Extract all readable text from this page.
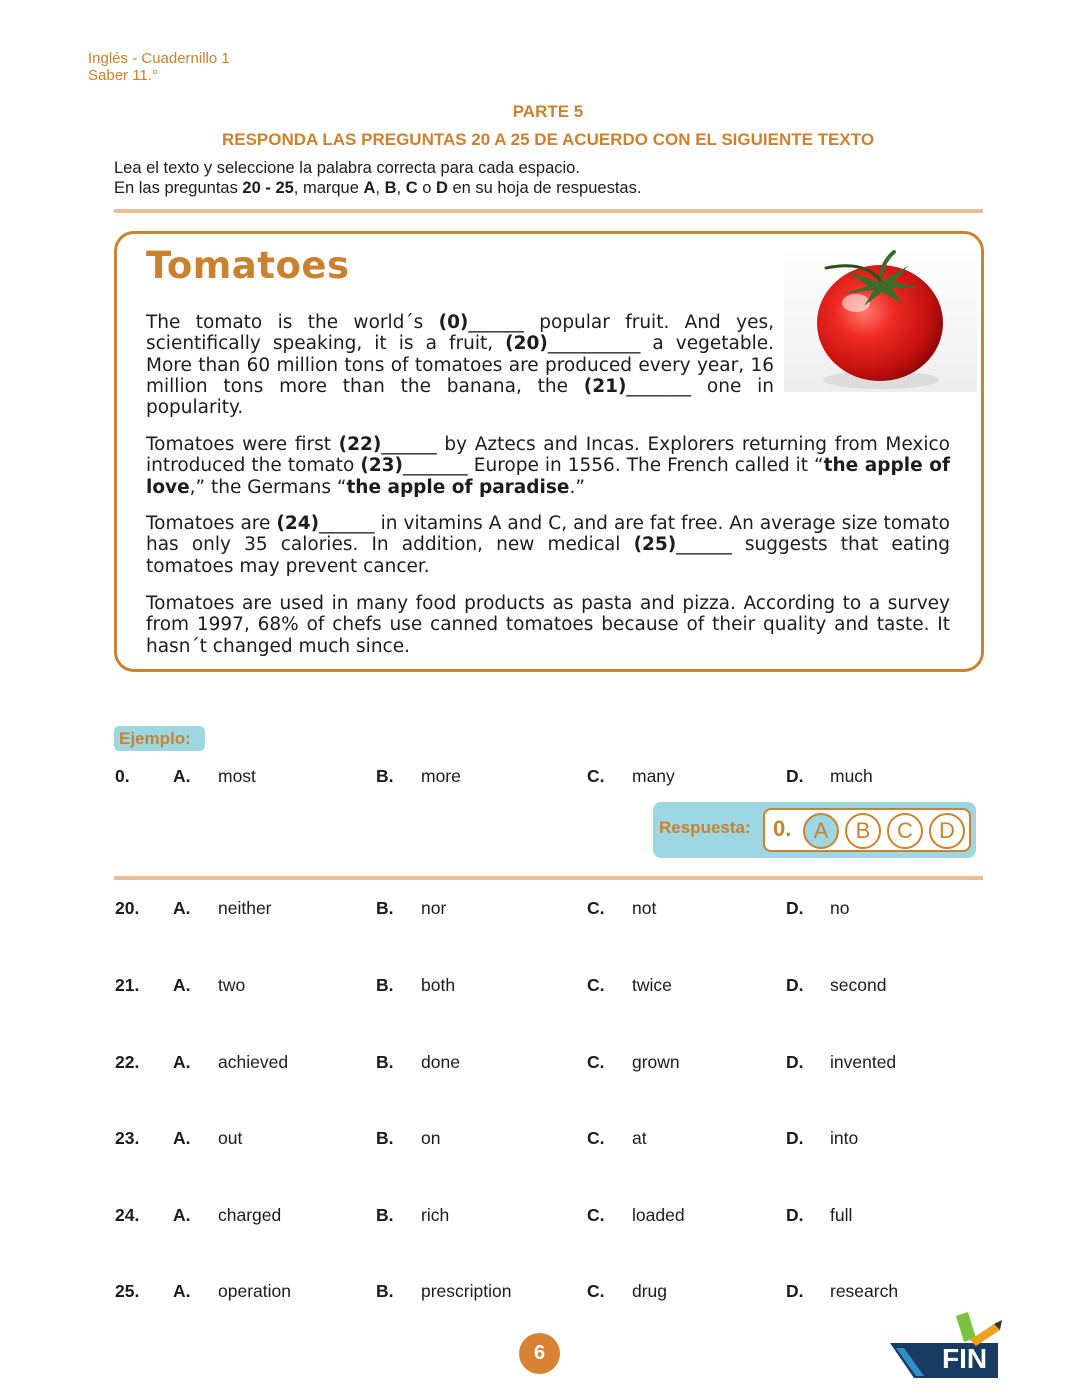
Inglés - Cuadernillo 1
Saber 11.°
PARTE 5
RESPONDA LAS PREGUNTAS 20 A 25 DE ACUERDO CON EL SIGUIENTE TEXTO
Lea el texto y seleccione la palabra correcta para cada espacio.
En las preguntas 20 - 25, marque A, B, C o D en su hoja de respuestas.
Tomatoes
The tomato is the world´s (0)______ popular fruit. And yes, scientifically speaking, it is a fruit, (20)__________ a vegetable. More than 60 million tons of tomatoes are produced every year, 16 million tons more than the banana, the (21)_______ one in popularity.
Tomatoes were first (22)______ by Aztecs and Incas. Explorers returning from Mexico introduced the tomato (23)_______ Europe in 1556. The French called it “the apple of love,” the Germans “the apple of paradise.”
Tomatoes are (24)______ in vitamins A and C, and are fat free. An average size tomato has only 35 calories. In addition, new medical (25)______ suggests that eating tomatoes may prevent cancer.
Tomatoes are used in many food products as pasta and pizza. According to a survey from 1997, 68% of chefs use canned tomatoes because of their quality and taste. It hasn´t changed much since.
Ejemplo:
0. A. most	B. more	C. many	D. much
Respuesta: 0.	A	B	C	D
20. A. neither	B. nor	C. not	D. no
21. A. two	B. both	C. twice	D. second
22. A. achieved	B. done	C. grown	D. invented
23. A. out	B. on	C. at	D. into
24. A. charged	B. rich	C. loaded	D. full
25. A. operation	B. prescription	C. drug	D. research
6	FIN
